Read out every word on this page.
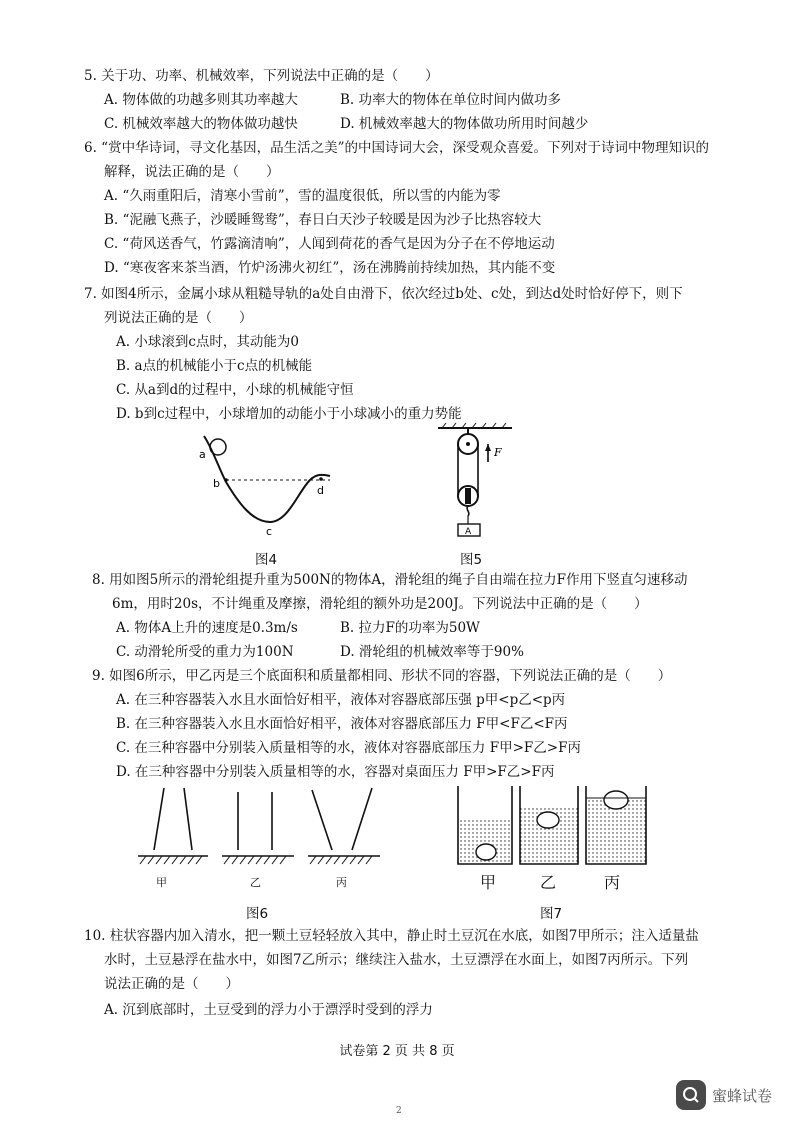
5. 关于功、功率、机械效率，下列说法中正确的是（　　）
A. 物体做的功越多则其功率越大	B. 功率大的物体在单位时间内做功多
C. 机械效率越大的物体做功越快	D. 机械效率越大的物体做功所用时间越少
6. “赏中华诗词，寻文化基因，品生活之美”的中国诗词大会，深受观众喜爱。下列对于诗词中物理知识的
解释，说法正确的是（　　）
A. “久雨重阳后，清寒小雪前”，雪的温度很低，所以雪的内能为零
B. “泥融飞燕子，沙暖睡鸳鸯”，春日白天沙子较暖是因为沙子比热容较大
C. “荷风送香气，竹露滴清响”，人闻到荷花的香气是因为分子在不停地运动
D. “寒夜客来茶当酒，竹炉汤沸火初红”，汤在沸腾前持续加热，其内能不变
7. 如图4所示，金属小球从粗糙导轨的a处自由滑下，依次经过b处、c处，到达d处时恰好停下，则下
列说法正确的是（　　）
A. 小球滚到c点时，其动能为0
B. a点的机械能小于c点的机械能
C. 从a到d的过程中，小球的机械能守恒
D. b到c过程中，小球增加的动能小于小球减小的重力势能
a
b
c
d
图4
F
A
图5
8. 用如图5所示的滑轮组提升重为500N的物体A，滑轮组的绳子自由端在拉力F作用下竖直匀速移动
6m，用时20s，不计绳重及摩擦，滑轮组的额外功是200J。下列说法中正确的是（　　）
A. 物体A上升的速度是0.3m/s	B. 拉力F的功率为50W
C. 动滑轮所受的重力为100N	D. 滑轮组的机械效率等于90%
9. 如图6所示，甲乙丙是三个底面积和质量都相同、形状不同的容器，下列说法正确的是（　　）
A. 在三种容器装入水且水面恰好相平，液体对容器底部压强 p甲<p乙<p丙
B. 在三种容器装入水且水面恰好相平，液体对容器底部压力 F甲<F乙<F丙
C. 在三种容器中分别装入质量相等的水，液体对容器底部压力 F甲>F乙>F丙
D. 在三种容器中分别装入质量相等的水，容器对桌面压力 F甲>F乙>F丙
甲	乙	丙
图6
甲	乙	丙
图7
10. 柱状容器内加入清水，把一颗土豆轻轻放入其中，静止时土豆沉在水底，如图7甲所示；注入适量盐
水时，土豆悬浮在盐水中，如图7乙所示；继续注入盐水，土豆漂浮在水面上，如图7丙所示。下列
说法正确的是（　　）
A. 沉到底部时，土豆受到的浮力小于漂浮时受到的浮力
试卷第 2 页 共 8 页
2
蜜蜂试卷
